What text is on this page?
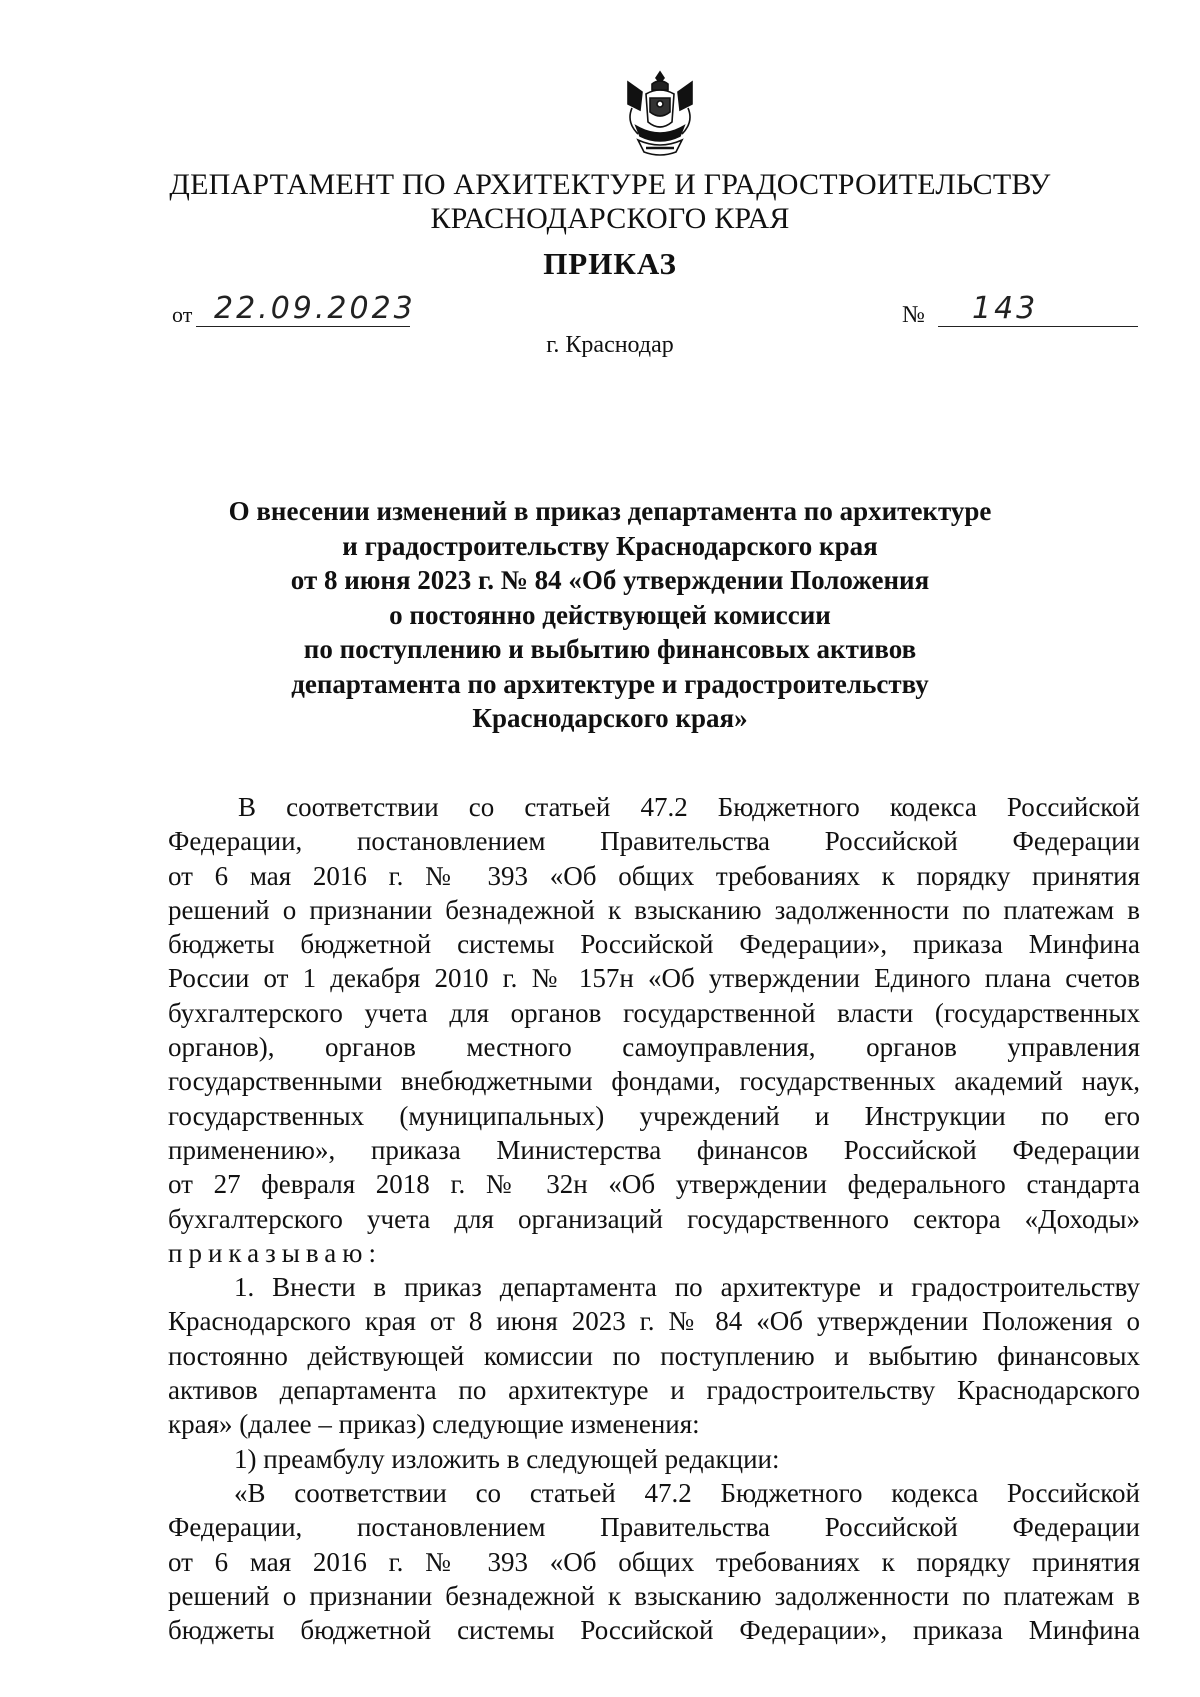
ДЕПАРТАМЕНТ ПО АРХИТЕКТУРЕ И ГРАДОСТРОИТЕЛЬСТВУ
КРАСНОДАРСКОГО КРАЯ
ПРИКАЗ
от 22.09.2023	№ 143
г. Краснодар
О внесении изменений в приказ департамента по архитектуре
и градостроительству Краснодарского края
от 8 июня 2023 г. № 84 «Об утверждении Положения
о постоянно действующей комиссии
по поступлению и выбытию финансовых активов
департамента по архитектуре и градостроительству
Краснодарского края»
В соответствии со статьей 47.2 Бюджетного кодекса Российской
Федерации, постановлением Правительства Российской Федерации
от 6 мая 2016 г. № 393 «Об общих требованиях к порядку принятия
решений о признании безнадежной к взысканию задолженности по платежам в
бюджеты бюджетной системы Российской Федерации», приказа Минфина
России от 1 декабря 2010 г. № 157н «Об утверждении Единого плана счетов
бухгалтерского учета для органов государственной власти (государственных
органов), органов местного самоуправления, органов управления
государственными внебюджетными фондами, государственных академий наук,
государственных (муниципальных) учреждений и Инструкции по его
применению», приказа Министерства финансов Российской Федерации
от 27 февраля 2018 г. № 32н «Об утверждении федерального стандарта
бухгалтерского учета для организаций государственного сектора «Доходы»
приказываю:
1. Внести в приказ департамента по архитектуре и градостроительству
Краснодарского края от 8 июня 2023 г. № 84 «Об утверждении Положения о
постоянно действующей комиссии по поступлению и выбытию финансовых
активов департамента по архитектуре и градостроительству Краснодарского
края» (далее – приказ) следующие изменения:
1) преамбулу изложить в следующей редакции:
«В соответствии со статьей 47.2 Бюджетного кодекса Российской
Федерации, постановлением Правительства Российской Федерации
от 6 мая 2016 г. № 393 «Об общих требованиях к порядку принятия
решений о признании безнадежной к взысканию задолженности по платежам в
бюджеты бюджетной системы Российской Федерации», приказа Минфина
